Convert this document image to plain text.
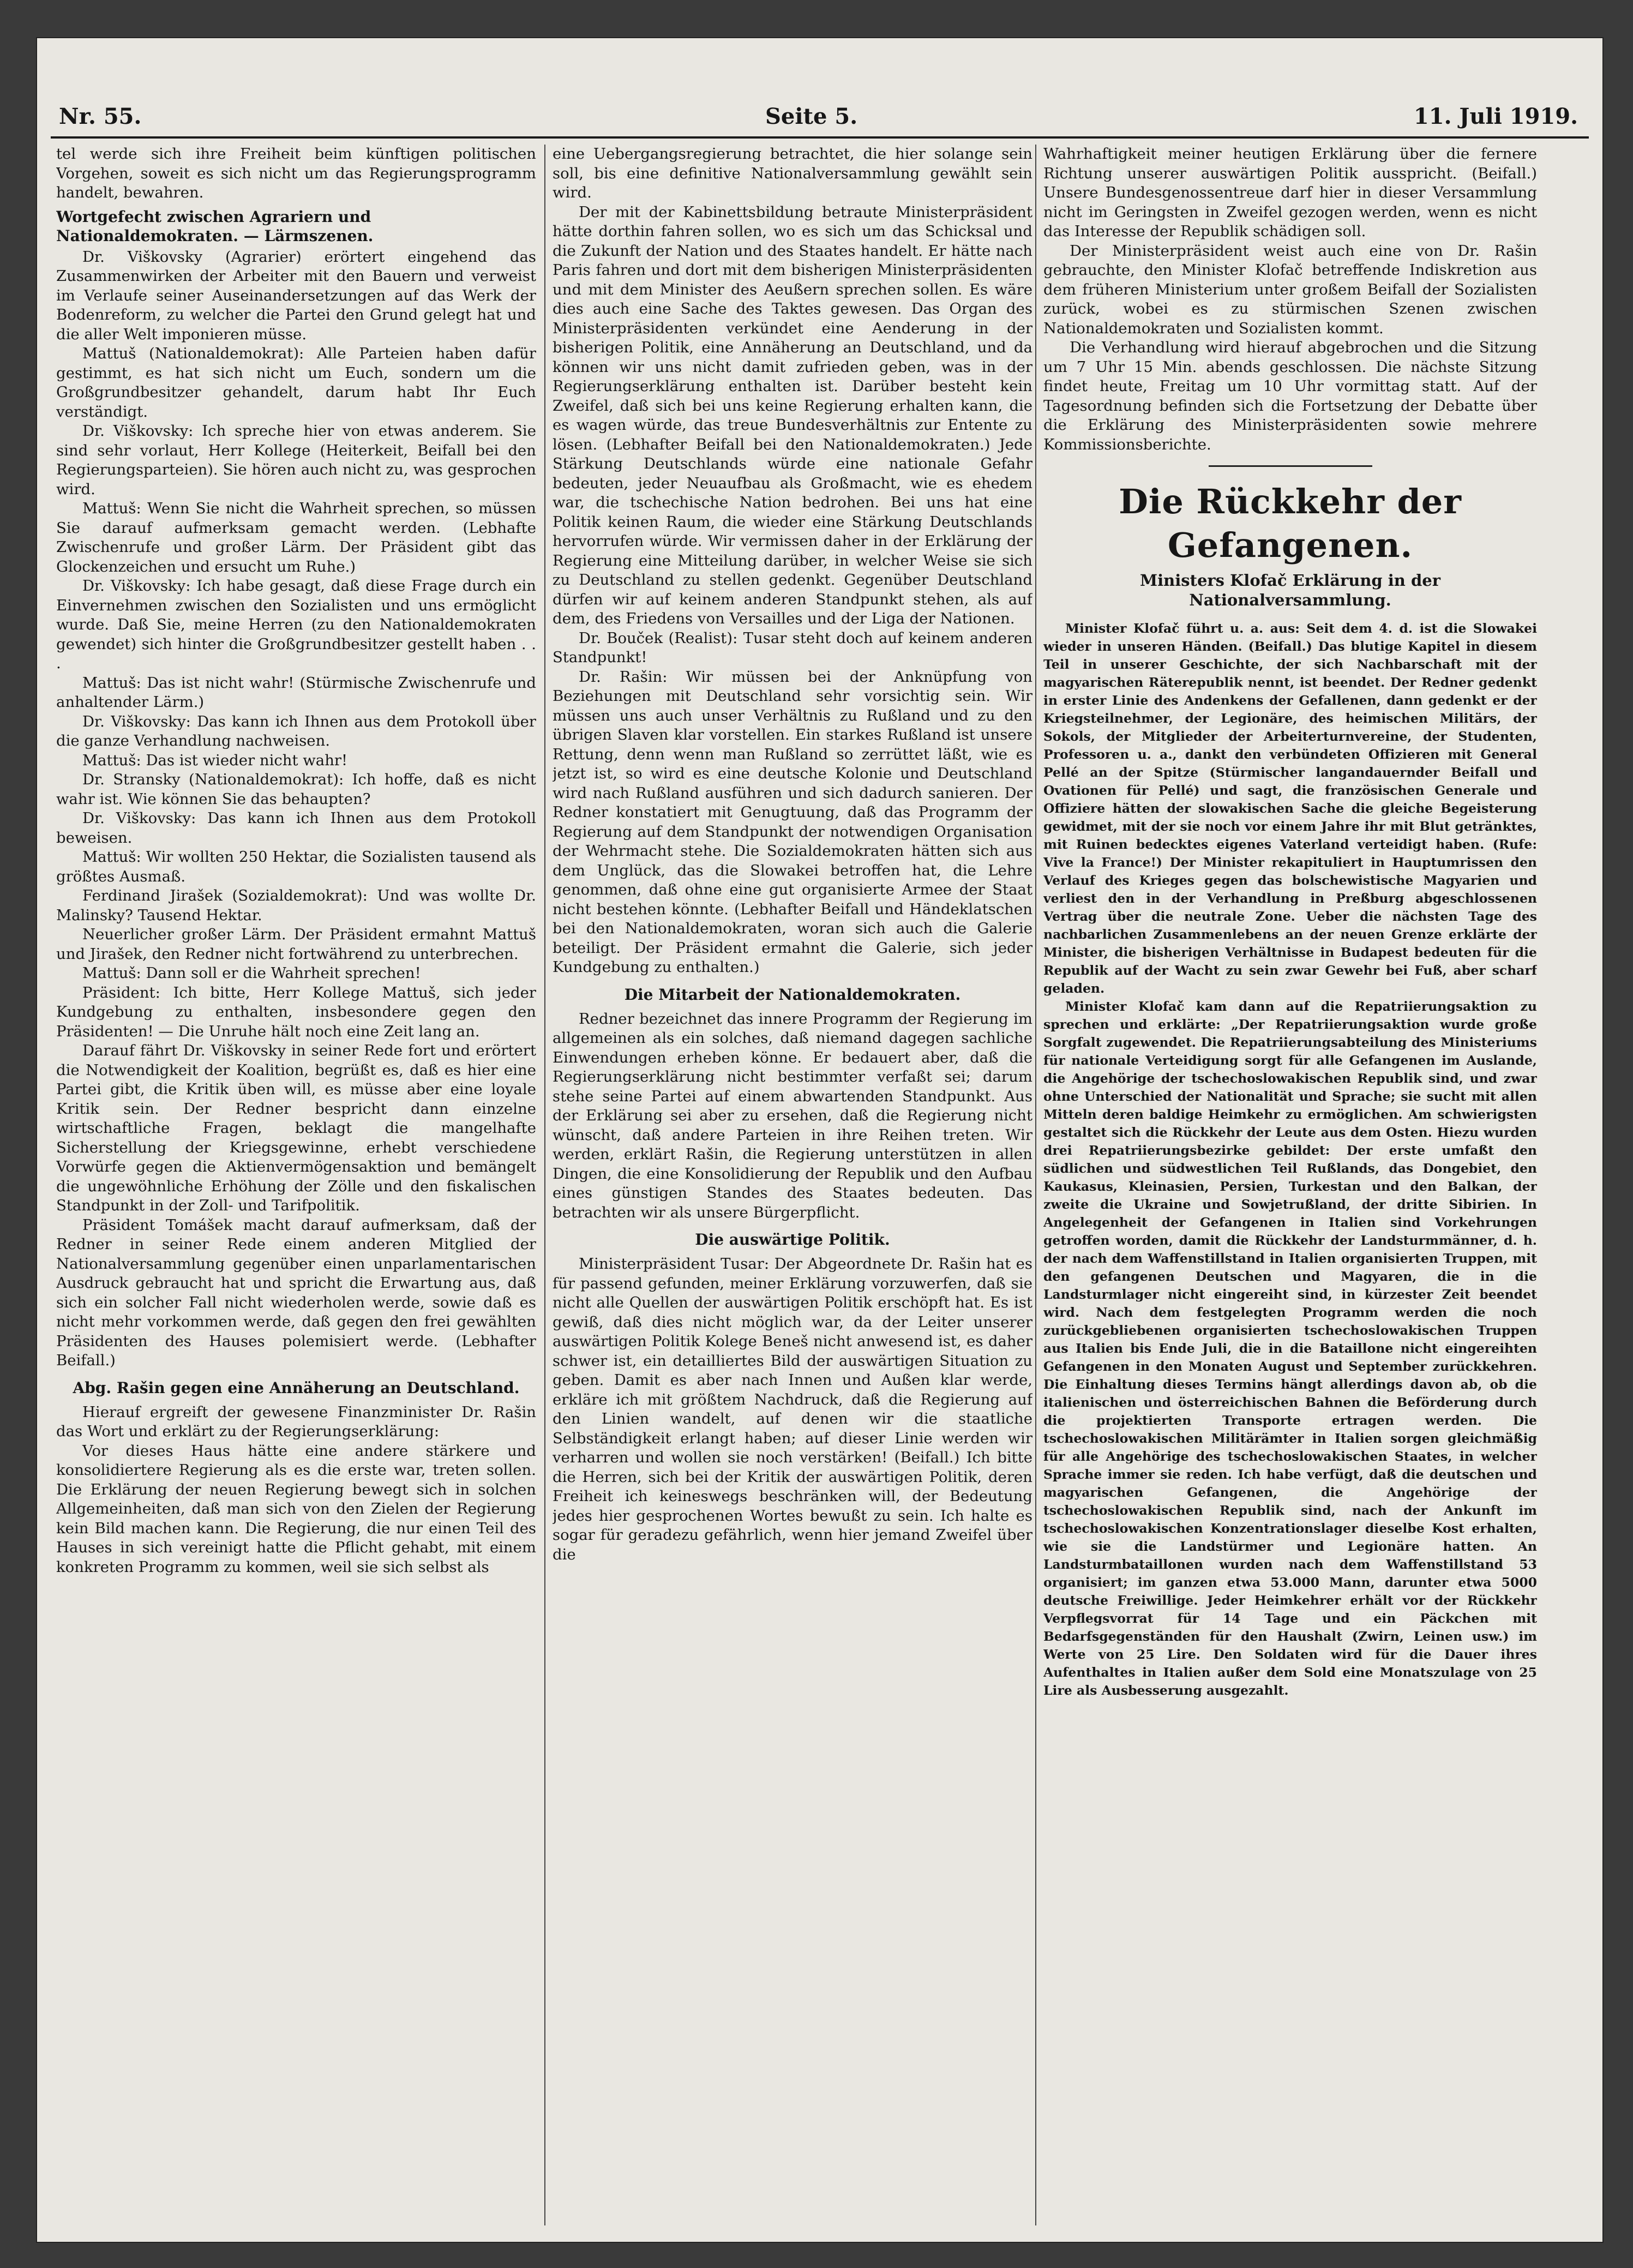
Nr. 55.	Seite 5.	11. Juli 1919.

tel werde sich ihre Freiheit beim künftigen politischen Vorgehen, soweit es sich nicht um das Regierungsprogramm handelt, bewahren.

Wortgefecht zwischen Agrariern und Nationaldemokraten. — Lärmszenen.

Dr. Viškovsky (Agrarier) erörtert eingehend das Zusammenwirken der Arbeiter mit den Bauern und verweist im Verlaufe seiner Auseinandersetzungen auf das Werk der Bodenreform, zu welcher die Partei den Grund gelegt hat und die aller Welt imponieren müsse.

Mattuš (Nationaldemokrat): Alle Parteien haben dafür gestimmt, es hat sich nicht um Euch, sondern um die Großgrundbesitzer gehandelt, darum habt Ihr Euch verständigt.

Dr. Viškovsky: Ich spreche hier von etwas anderem. Sie sind sehr vorlaut, Herr Kollege (Heiterkeit, Beifall bei den Regierungsparteien). Sie hören auch nicht zu, was gesprochen wird.

Mattuš: Wenn Sie nicht die Wahrheit sprechen, so müssen Sie darauf aufmerksam gemacht werden. (Lebhafte Zwischenrufe und großer Lärm. Der Präsident gibt das Glockenzeichen und ersucht um Ruhe.)

Dr. Viškovsky: Ich habe gesagt, daß diese Frage durch ein Einvernehmen zwischen den Sozialisten und uns ermöglicht wurde. Daß Sie, meine Herren (zu den Nationaldemokraten gewendet) sich hinter die Großgrundbesitzer gestellt haben . . .

Mattuš: Das ist nicht wahr! (Stürmische Zwischenrufe und anhaltender Lärm.)

Dr. Viškovsky: Das kann ich Ihnen aus dem Protokoll über die ganze Verhandlung nachweisen.

Mattuš: Das ist wieder nicht wahr!

Dr. Stransky (Nationaldemokrat): Ich hoffe, daß es nicht wahr ist. Wie können Sie das behaupten?

Dr. Viškovsky: Das kann ich Ihnen aus dem Protokoll beweisen.

Mattuš: Wir wollten 250 Hektar, die Sozialisten tausend als größtes Ausmaß.

Ferdinand Jirašek (Sozialdemokrat): Und was wollte Dr. Malinsky? Tausend Hektar.

Neuerlicher großer Lärm. Der Präsident ermahnt Mattuš und Jirašek, den Redner nicht fortwährend zu unterbrechen.

Mattuš: Dann soll er die Wahrheit sprechen!

Präsident: Ich bitte, Herr Kollege Mattuš, sich jeder Kundgebung zu enthalten, insbesondere gegen den Präsidenten! — Die Unruhe hält noch eine Zeit lang an.

Darauf fährt Dr. Viškovsky in seiner Rede fort und erörtert die Notwendigkeit der Koalition, begrüßt es, daß es hier eine Partei gibt, die Kritik üben will, es müsse aber eine loyale Kritik sein. Der Redner bespricht dann einzelne wirtschaftliche Fragen, beklagt die mangelhafte Sicherstellung der Kriegsgewinne, erhebt verschiedene Vorwürfe gegen die Aktienvermögensaktion und bemängelt die ungewöhnliche Erhöhung der Zölle und den fiskalischen Standpunkt in der Zoll- und Tarifpolitik.

Präsident Tomášek macht darauf aufmerksam, daß der Redner in seiner Rede einem anderen Mitglied der Nationalversammlung gegenüber einen unparlamentarischen Ausdruck gebraucht hat und spricht die Erwartung aus, daß sich ein solcher Fall nicht wiederholen werde, sowie daß es nicht mehr vorkommen werde, daß gegen den frei gewählten Präsidenten des Hauses polemisiert werde. (Lebhafter Beifall.)

Abg. Rašin gegen eine Annäherung an Deutschland.

Hierauf ergreift der gewesene Finanzminister Dr. Rašin das Wort und erklärt zu der Regierungserklärung:

Vor dieses Haus hätte eine andere stärkere und konsolidiertere Regierung als es die erste war, treten sollen. Die Erklärung der neuen Regierung bewegt sich in solchen Allgemeinheiten, daß man sich von den Zielen der Regierung kein Bild machen kann. Die Regierung, die nur einen Teil des Hauses in sich vereinigt hatte die Pflicht gehabt, mit einem konkreten Programm zu kommen, weil sie sich selbst als

eine Uebergangsregierung betrachtet, die hier solange sein soll, bis eine definitive Nationalversammlung gewählt sein wird.

Der mit der Kabinettsbildung betraute Ministerpräsident hätte dorthin fahren sollen, wo es sich um das Schicksal und die Zukunft der Nation und des Staates handelt. Er hätte nach Paris fahren und dort mit dem bisherigen Ministerpräsidenten und mit dem Minister des Aeußern sprechen sollen. Es wäre dies auch eine Sache des Taktes gewesen. Das Organ des Ministerpräsidenten verkündet eine Aenderung in der bisherigen Politik, eine Annäherung an Deutschland, und da können wir uns nicht damit zufrieden geben, was in der Regierungserklärung enthalten ist. Darüber besteht kein Zweifel, daß sich bei uns keine Regierung erhalten kann, die es wagen würde, das treue Bundesverhältnis zur Entente zu lösen. (Lebhafter Beifall bei den Nationaldemokraten.) Jede Stärkung Deutschlands würde eine nationale Gefahr bedeuten, jeder Neuaufbau als Großmacht, wie es ehedem war, die tschechische Nation bedrohen. Bei uns hat eine Politik keinen Raum, die wieder eine Stärkung Deutschlands hervorrufen würde. Wir vermissen daher in der Erklärung der Regierung eine Mitteilung darüber, in welcher Weise sie sich zu Deutschland zu stellen gedenkt. Gegenüber Deutschland dürfen wir auf keinem anderen Standpunkt stehen, als auf dem, des Friedens von Versailles und der Liga der Nationen.

Dr. Bouček (Realist): Tusar steht doch auf keinem anderen Standpunkt!

Dr. Rašin: Wir müssen bei der Anknüpfung von Beziehungen mit Deutschland sehr vorsichtig sein. Wir müssen uns auch unser Verhältnis zu Rußland und zu den übrigen Slaven klar vorstellen. Ein starkes Rußland ist unsere Rettung, denn wenn man Rußland so zerrüttet läßt, wie es jetzt ist, so wird es eine deutsche Kolonie und Deutschland wird nach Rußland ausführen und sich dadurch sanieren. Der Redner konstatiert mit Genugtuung, daß das Programm der Regierung auf dem Standpunkt der notwendigen Organisation der Wehrmacht stehe. Die Sozialdemokraten hätten sich aus dem Unglück, das die Slowakei betroffen hat, die Lehre genommen, daß ohne eine gut organisierte Armee der Staat nicht bestehen könnte. (Lebhafter Beifall und Händeklatschen bei den Nationaldemokraten, woran sich auch die Galerie beteiligt. Der Präsident ermahnt die Galerie, sich jeder Kundgebung zu enthalten.)

Die Mitarbeit der Nationaldemokraten.

Redner bezeichnet das innere Programm der Regierung im allgemeinen als ein solches, daß niemand dagegen sachliche Einwendungen erheben könne. Er bedauert aber, daß die Regierungserklärung nicht bestimmter verfaßt sei; darum stehe seine Partei auf einem abwartenden Standpunkt. Aus der Erklärung sei aber zu ersehen, daß die Regierung nicht wünscht, daß andere Parteien in ihre Reihen treten. Wir werden, erklärt Rašin, die Regierung unterstützen in allen Dingen, die eine Konsolidierung der Republik und den Aufbau eines günstigen Standes des Staates bedeuten. Das betrachten wir als unsere Bürgerpflicht.

Die auswärtige Politik.

Ministerpräsident Tusar: Der Abgeordnete Dr. Rašin hat es für passend gefunden, meiner Erklärung vorzuwerfen, daß sie nicht alle Quellen der auswärtigen Politik erschöpft hat. Es ist gewiß, daß dies nicht möglich war, da der Leiter unserer auswärtigen Politik Kolege Beneš nicht anwesend ist, es daher schwer ist, ein detailliertes Bild der auswärtigen Situation zu geben. Damit es aber nach Innen und Außen klar werde, erkläre ich mit größtem Nachdruck, daß die Regierung auf den Linien wandelt, auf denen wir die staatliche Selbständigkeit erlangt haben; auf dieser Linie werden wir verharren und wollen sie noch verstärken! (Beifall.) Ich bitte die Herren, sich bei der Kritik der auswärtigen Politik, deren Freiheit ich keineswegs beschränken will, der Bedeutung jedes hier gesprochenen Wortes bewußt zu sein. Ich halte es sogar für geradezu gefährlich, wenn hier jemand Zweifel über die

Wahrhaftigkeit meiner heutigen Erklärung über die fernere Richtung unserer auswärtigen Politik ausspricht. (Beifall.) Unsere Bundesgenossentreue darf hier in dieser Versammlung nicht im Geringsten in Zweifel gezogen werden, wenn es nicht das Interesse der Republik schädigen soll.

Der Ministerpräsident weist auch eine von Dr. Rašin gebrauchte, den Minister Klofač betreffende Indiskretion aus dem früheren Ministerium unter großem Beifall der Sozialisten zurück, wobei es zu stürmischen Szenen zwischen Nationaldemokraten und Sozialisten kommt.

Die Verhandlung wird hierauf abgebrochen und die Sitzung um 7 Uhr 15 Min. abends geschlossen. Die nächste Sitzung findet heute, Freitag um 10 Uhr vormittag statt. Auf der Tagesordnung befinden sich die Fortsetzung der Debatte über die Erklärung des Ministerpräsidenten sowie mehrere Kommissionsberichte.

Die Rückkehr der Gefangenen.
Ministers Klofač Erklärung in der Nationalversammlung.

Minister Klofač führt u. a. aus: Seit dem 4. d. ist die Slowakei wieder in unseren Händen. (Beifall.) Das blutige Kapitel in diesem Teil in unserer Geschichte, der sich Nachbarschaft mit der magyarischen Räterepublik nennt, ist beendet. Der Redner gedenkt in erster Linie des Andenkens der Gefallenen, dann gedenkt er der Kriegsteilnehmer, der Legionäre, des heimischen Militärs, der Sokols, der Mitglieder der Arbeiterturnvereine, der Studenten, Professoren u. a., dankt den verbündeten Offizieren mit General Pellé an der Spitze (Stürmischer langandauernder Beifall und Ovationen für Pellé) und sagt, die französischen Generale und Offiziere hätten der slowakischen Sache die gleiche Begeisterung gewidmet, mit der sie noch vor einem Jahre ihr mit Blut getränktes, mit Ruinen bedecktes eigenes Vaterland verteidigt haben. (Rufe: Vive la France!) Der Minister rekapituliert in Hauptumrissen den Verlauf des Krieges gegen das bolschewistische Magyarien und verliest den in der Verhandlung in Preßburg abgeschlossenen Vertrag über die neutrale Zone. Ueber die nächsten Tage des nachbarlichen Zusammenlebens an der neuen Grenze erklärte der Minister, die bisherigen Verhältnisse in Budapest bedeuten für die Republik auf der Wacht zu sein zwar Gewehr bei Fuß, aber scharf geladen.

Minister Klofač kam dann auf die Repatriierungsaktion zu sprechen und erklärte: „Der Repatriierungsaktion wurde große Sorgfalt zugewendet. Die Repatriierungsabteilung des Ministeriums für nationale Verteidigung sorgt für alle Gefangenen im Auslande, die Angehörige der tschechoslowakischen Republik sind, und zwar ohne Unterschied der Nationalität und Sprache; sie sucht mit allen Mitteln deren baldige Heimkehr zu ermöglichen. Am schwierigsten gestaltet sich die Rückkehr der Leute aus dem Osten. Hiezu wurden drei Repatriierungsbezirke gebildet: Der erste umfaßt den südlichen und südwestlichen Teil Rußlands, das Dongebiet, den Kaukasus, Kleinasien, Persien, Turkestan und den Balkan, der zweite die Ukraine und Sowjetrußland, der dritte Sibirien. In Angelegenheit der Gefangenen in Italien sind Vorkehrungen getroffen worden, damit die Rückkehr der Landsturmmänner, d. h. der nach dem Waffenstillstand in Italien organisierten Truppen, mit den gefangenen Deutschen und Magyaren, die in die Landsturmlager nicht eingereiht sind, in kürzester Zeit beendet wird. Nach dem festgelegten Programm werden die noch zurückgebliebenen organisierten tschechoslowakischen Truppen aus Italien bis Ende Juli, die in die Bataillone nicht eingereihten Gefangenen in den Monaten August und September zurückkehren. Die Einhaltung dieses Termins hängt allerdings davon ab, ob die italienischen und österreichischen Bahnen die Beförderung durch die projektierten Transporte ertragen werden. Die tschechoslowakischen Militärämter in Italien sorgen gleichmäßig für alle Angehörige des tschechoslowakischen Staates, in welcher Sprache immer sie reden. Ich habe verfügt, daß die deutschen und magyarischen Gefangenen, die Angehörige der tschechoslowakischen Republik sind, nach der Ankunft im tschechoslowakischen Konzentrationslager dieselbe Kost erhalten, wie sie die Landstürmer und Legionäre hatten. An Landsturmbataillonen wurden nach dem Waffenstillstand 53 organisiert; im ganzen etwa 53.000 Mann, darunter etwa 5000 deutsche Freiwillige. Jeder Heimkehrer erhält vor der Rückkehr Verpflegsvorrat für 14 Tage und ein Päckchen mit Bedarfsgegenständen für den Haushalt (Zwirn, Leinen usw.) im Werte von 25 Lire. Den Soldaten wird für die Dauer ihres Aufenthaltes in Italien außer dem Sold eine Monatszulage von 25 Lire als Ausbesserung ausgezahlt.
